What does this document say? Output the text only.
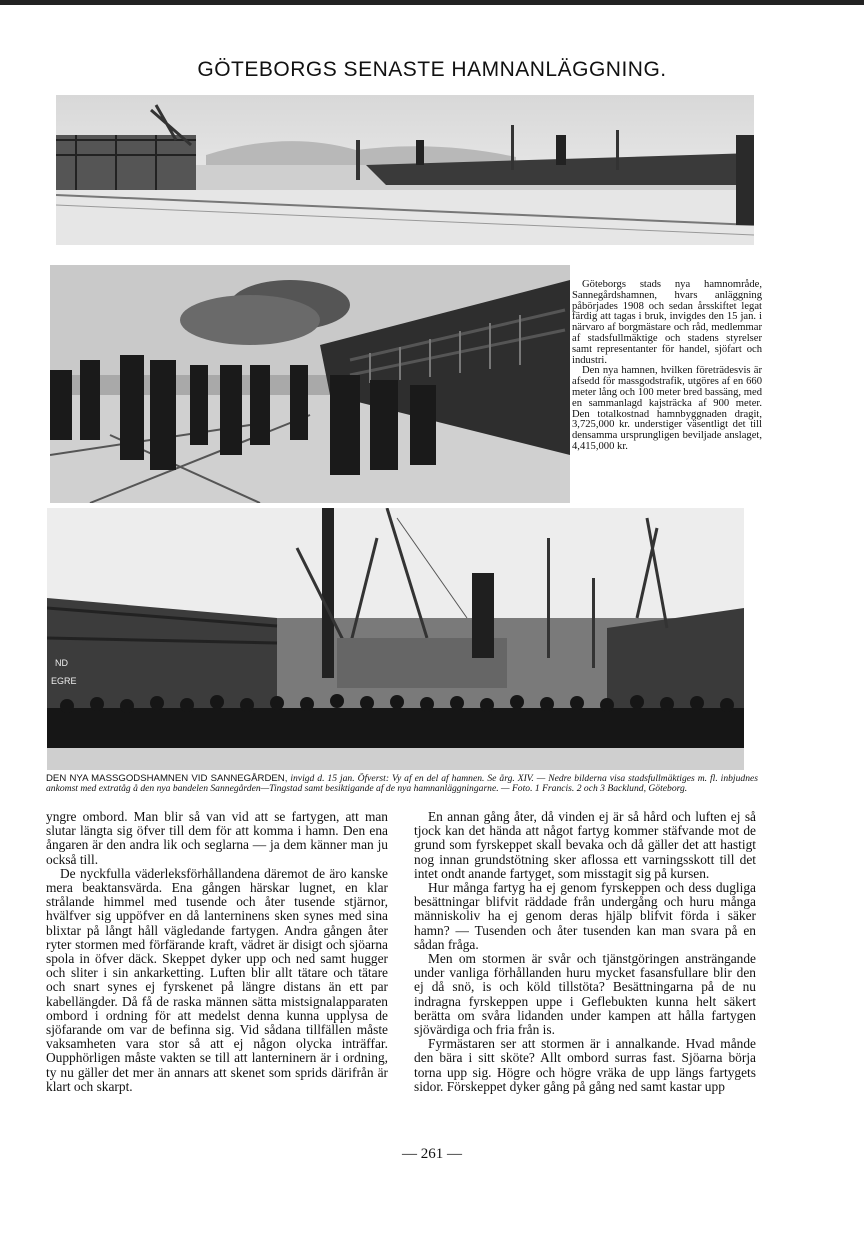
GÖTEBORGS SENASTE HAMNANLÄGGNING.

Göteborgs stads nya hamnområde, Sannegårdshamnen, hvars anläggning påbörjades 1908 och sedan årsskiftet legat färdig att tagas i bruk, invigdes den 15 jan. i närvaro af borgmästare och råd, medlemmar af stadsfullmäktige och stadens styrelser samt representanter för handel, sjöfart och industri.

Den nya hamnen, hvilken företrädesvis är afsedd för massgodstrafik, utgöres af en 660 meter lång och 100 meter bred bassäng, med en sammanlagd kajsträcka af 900 meter. Den totalkostnad hamnbyggnaden dragit, 3,725,000 kr. understiger väsentligt det till densamma ursprungligen beviljade anslaget, 4,415,000 kr.

ND
EGRE
DEN NYA MASSGODSHAMNEN VID SANNEGÅRDEN, invigd d. 15 jan. Öfverst: Vy af en del af hamnen. Se årg. XIV. — Nedre bilderna visa stadsfullmäktiges m. fl. inbjudnes ankomst med extratåg å den nya bandelen Sannegården—Tingstad samt besiktigande af de nya hamnanläggningarne. — Foto. 1 Francis. 2 och 3 Backlund, Göteborg.

yngre ombord. Man blir så van vid att se fartygen, att man slutar längta sig öfver till dem för att komma i hamn. Den ena ångaren är den andra lik och seglarna — ja dem känner man ju också till.

De nyckfulla väderleksförhållandena däremot de äro kanske mera beaktansvärda. Ena gången härskar lugnet, en klar strålande himmel med tusende och åter tusende stjärnor, hvälfver sig uppöfver en då lanterninens sken synes med sina blixtar på långt håll vägledande fartygen. Andra gången åter ryter stormen med förfärande kraft, vädret är disigt och sjöarna spola in öfver däck. Skeppet dyker upp och ned samt hugger och sliter i sin ankarketting. Luften blir allt tätare och tätare och snart synes ej fyrskenet på längre distans än ett par kabellängder. Då få de raska männen sätta mistsignalapparaten ombord i ordning för att medelst denna kunna upplysa de sjöfarande om var de befinna sig. Vid sådana tillfällen måste vaksamheten vara stor så att ej någon olycka inträffar. Oupphörligen måste vakten se till att lanterninern är i ordning, ty nu gäller det mer än annars att skenet som sprids därifrån är klart och skarpt.

En annan gång åter, då vinden ej är så hård och luften ej så tjock kan det hända att något fartyg kommer stäfvande mot de grund som fyrskeppet skall bevaka och då gäller det att hastigt nog innan grundstötning sker aflossa ett varningsskott till det intet ondt anande fartyget, som misstagit sig på kursen.

Hur många fartyg ha ej genom fyrskeppen och dess dugliga besättningar blifvit räddade från undergång och huru många människoliv ha ej genom deras hjälp blifvit förda i säker hamn? — Tusenden och åter tusenden kan man svara på en sådan fråga.

Men om stormen är svår och tjänstgöringen ansträngande under vanliga förhållanden huru mycket fasansfullare blir den ej då snö, is och köld tillstöta? Besättningarna på de nu indragna fyrskeppen uppe i Geflebukten kunna helt säkert berätta om svåra lidanden under kampen att hålla fartygen sjövärdiga och fria från is.

Fyrmästaren ser att stormen är i annalkande. Hvad månde den bära i sitt sköte? Allt ombord surras fast. Sjöarna börja torna upp sig. Högre och högre vräka de upp längs fartygets sidor. Förskeppet dyker gång på gång ned samt kastar upp

— 261 —
